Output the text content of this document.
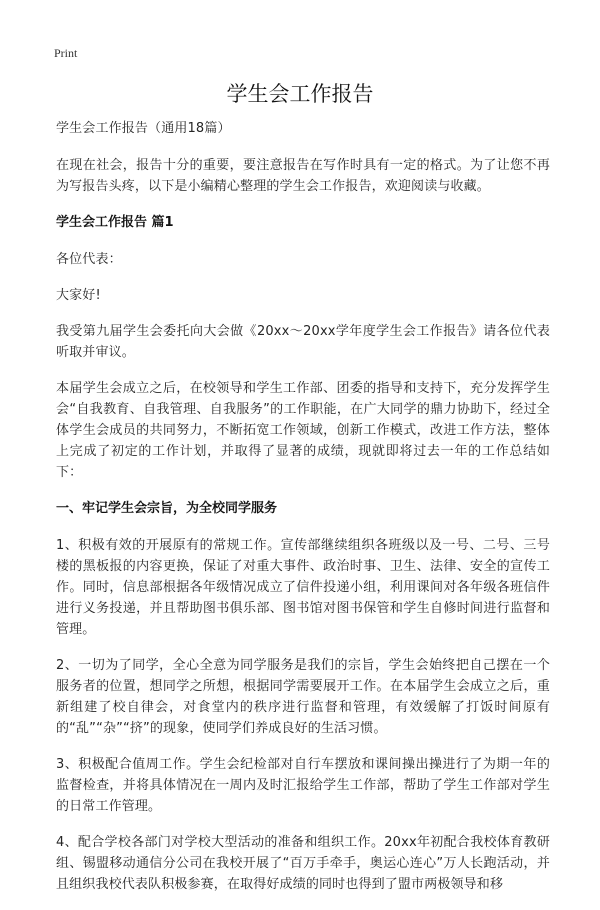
Print
学生会工作报告

学生会工作报告（通用18篇）

在现在社会，报告十分的重要，要注意报告在写作时具有一定的格式。为了让您不再为写报告头疼，以下是小编精心整理的学生会工作报告，欢迎阅读与收藏。

学生会工作报告 篇1

各位代表：

大家好!

我受第九届学生会委托向大会做《20xx～20xx学年度学生会工作报告》请各位代表听取并审议。

本届学生会成立之后，在校领导和学生工作部、团委的指导和支持下，充分发挥学生会“自我教育、自我管理、自我服务”的工作职能，在广大同学的鼎力协助下，经过全体学生会成员的共同努力，不断拓宽工作领域，创新工作模式，改进工作方法，整体上完成了初定的工作计划，并取得了显著的成绩，现就即将过去一年的工作总结如下：

一、牢记学生会宗旨，为全校同学服务

1、积极有效的开展原有的常规工作。宣传部继续组织各班级以及一号、二号、三号楼的黑板报的内容更换，保证了对重大事件、政治时事、卫生、法律、安全的宣传工作。同时，信息部根据各年级情况成立了信件投递小组，利用课间对各年级各班信件进行义务投递，并且帮助图书俱乐部、图书馆对图书保管和学生自修时间进行监督和管理。

2、一切为了同学，全心全意为同学服务是我们的宗旨，学生会始终把自己摆在一个服务者的位置，想同学之所想，根据同学需要展开工作。在本届学生会成立之后，重新组建了校自律会，对食堂内的秩序进行监督和管理，有效缓解了打饭时间原有的“乱”“杂”“挤”的现象，使同学们养成良好的生活习惯。

3、积极配合值周工作。学生会纪检部对自行车摆放和课间操出操进行了为期一年的监督检查，并将具体情况在一周内及时汇报给学生工作部，帮助了学生工作部对学生的日常工作管理。

4、配合学校各部门对学校大型活动的准备和组织工作。20xx年初配合我校体育教研组、锡盟移动通信分公司在我校开展了“百万手牵手，奥运心连心”万人长跑活动，并且组织我校代表队积极参赛，在取得好成绩的同时也得到了盟市两极领导和移
